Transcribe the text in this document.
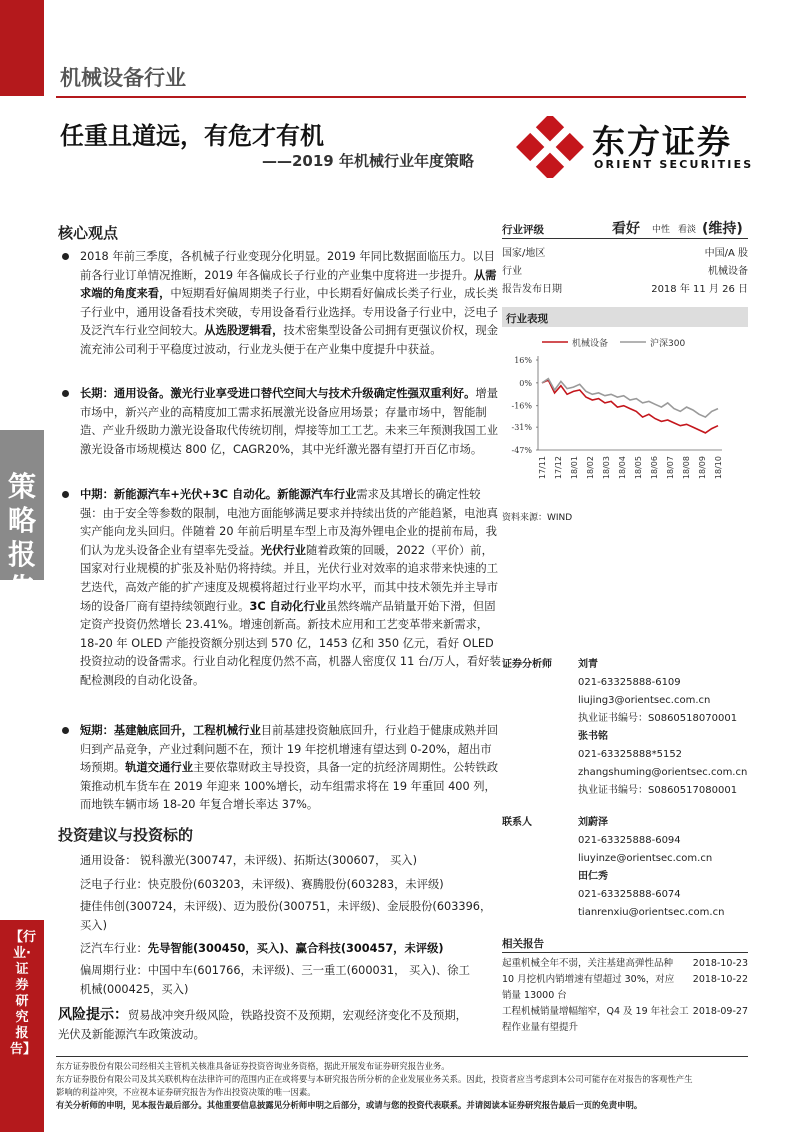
策
略
报
告
【行业·证券研究报告】
机械设备行业
任重且道远，有危才有机
——2019 年机械行业年度策略	东方证券
ORIENT SECURITIES
核心观点
2018 年前三季度，各机械子行业变现分化明显。2019 年同比数据面临压力。以目前各行业订单情况推断，2019 年各偏成长子行业的产业集中度将进一步提升。从需求端的角度来看，中短期看好偏周期类子行业，中长期看好偏成长类子行业，成长类子行业中，通用设备看技术突破，专用设备看行业选择。专用设备子行业中，泛电子及泛汽车行业空间较大。从选股逻辑看，技术密集型设备公司拥有更强议价权，现金流充沛公司利于平稳度过波动，行业龙头便于在产业集中度提升中获益。
长期：通用设备。激光行业享受进口替代空间大与技术升级确定性强双重利好。增量市场中，新兴产业的高精度加工需求拓展激光设备应用场景；存量市场中，智能制造、产业升级助力激光设备取代传统切削，焊接等加工工艺。未来三年预测我国工业激光设备市场规模达 800 亿，CAGR20%，其中光纤激光器有望打开百亿市场。
中期：新能源汽车+光伏+3C 自动化。新能源汽车行业需求及其增长的确定性较强：由于安全等参数的限制，电池方面能够满足要求并持续出货的产能趋紧，电池真实产能向龙头回归。伴随着 20 年前后明星车型上市及海外锂电企业的提前布局，我们认为龙头设备企业有望率先受益。光伏行业随着政策的回暖，2022（平价）前，国家对行业规模的扩张及补贴仍将持续。并且，光伏行业对效率的追求带来快速的工艺迭代，高效产能的扩产速度及规模将超过行业平均水平，而其中技术领先并主导市场的设备厂商有望持续领跑行业。3C 自动化行业虽然终端产品销量开始下滑，但固定资产投资仍然增长 23.41%。增速创新高。新技术应用和工艺变革带来新需求，18-20 年 OLED 产能投资额分别达到 570 亿，1453 亿和 350 亿元，看好 OLED 投资拉动的设备需求。行业自动化程度仍然不高，机器人密度仅 11 台/万人，看好装配检测段的自动化设备。
短期：基建触底回升，工程机械行业目前基建投资触底回升，行业趋于健康成熟并回归到产品竞争，产业过剩问题不在，预计 19 年挖机增速有望达到 0-20%，超出市场预期。轨道交通行业主要依靠财政主导投资，具备一定的抗经济周期性。公转铁政策推动机车货车在 2019 年迎来 100%增长，动车组需求将在 19 年重回 400 列，而地铁车辆市场 18-20 年复合增长率达 37%。
投资建议与投资标的
通用设备： 锐科激光(300747，未评级)、拓斯达(300607， 买入)
泛电子行业：快克股份(603203，未评级)、赛腾股份(603283，未评级)
捷佳伟创(300724，未评级)、迈为股份(300751，未评级)、金辰股份(603396，
买入)
泛汽车行业：先导智能(300450，买入)、赢合科技(300457，未评级)
偏周期行业：中国中车(601766，未评级)、三一重工(600031， 买入)、徐工
机械(000425，买入)
风险提示：贸易战冲突升级风险，铁路投资不及预期，宏观经济变化不及预期，
光伏及新能源汽车政策波动。
行业评级	看好 中性 看淡 (维持)
国家/地区	中国/A 股
行业	机械设备
报告发布日期	2018 年 11 月 26 日
行业表现
机械设备	沪深300
16%
0%
-16%
-31%
-47%
17/11 17/12 18/01 18/02 18/03 18/04 18/05 18/06 18/07 18/08 18/09 18/10
资料来源：WIND
证券分析师	刘青
021-63325888-6109
liujing3@orientsec.com.cn
执业证书编号：S0860518070001
张书铭
021-63325888*5152
zhangshuming@orientsec.com.cn
执业证书编号：S0860517080001
联系人	刘蔚泽
021-63325888-6094
liuyinze@orientsec.com.cn
田仁秀
021-63325888-6074
tianrenxiu@orientsec.com.cn
相关报告
起重机械全年不弱，关注基建高弹性品种 2018-10-23
10 月挖机内销增速有望超过 30%，对应销量 13000 台
2018-10-22
工程机械销量增幅缩窄，Q4 及 19 年社会工程作业量有望提升
2018-09-27
东方证券股份有限公司经相关主管机关核准具备证券投资咨询业务资格，据此开展发布证券研究报告业务。
东方证券股份有限公司及其关联机构在法律许可的范围内正在或将要与本研究报告所分析的企业发展业务关系。因此，投资者应当考虑到本公司可能存在对报告的客观性产生
影响的利益冲突，不应视本证券研究报告为作出投资决策的唯一因素。
有关分析师的申明，见本报告最后部分。其他重要信息披露见分析师申明之后部分，或请与您的投资代表联系。并请阅读本证券研究报告最后一页的免责申明。
